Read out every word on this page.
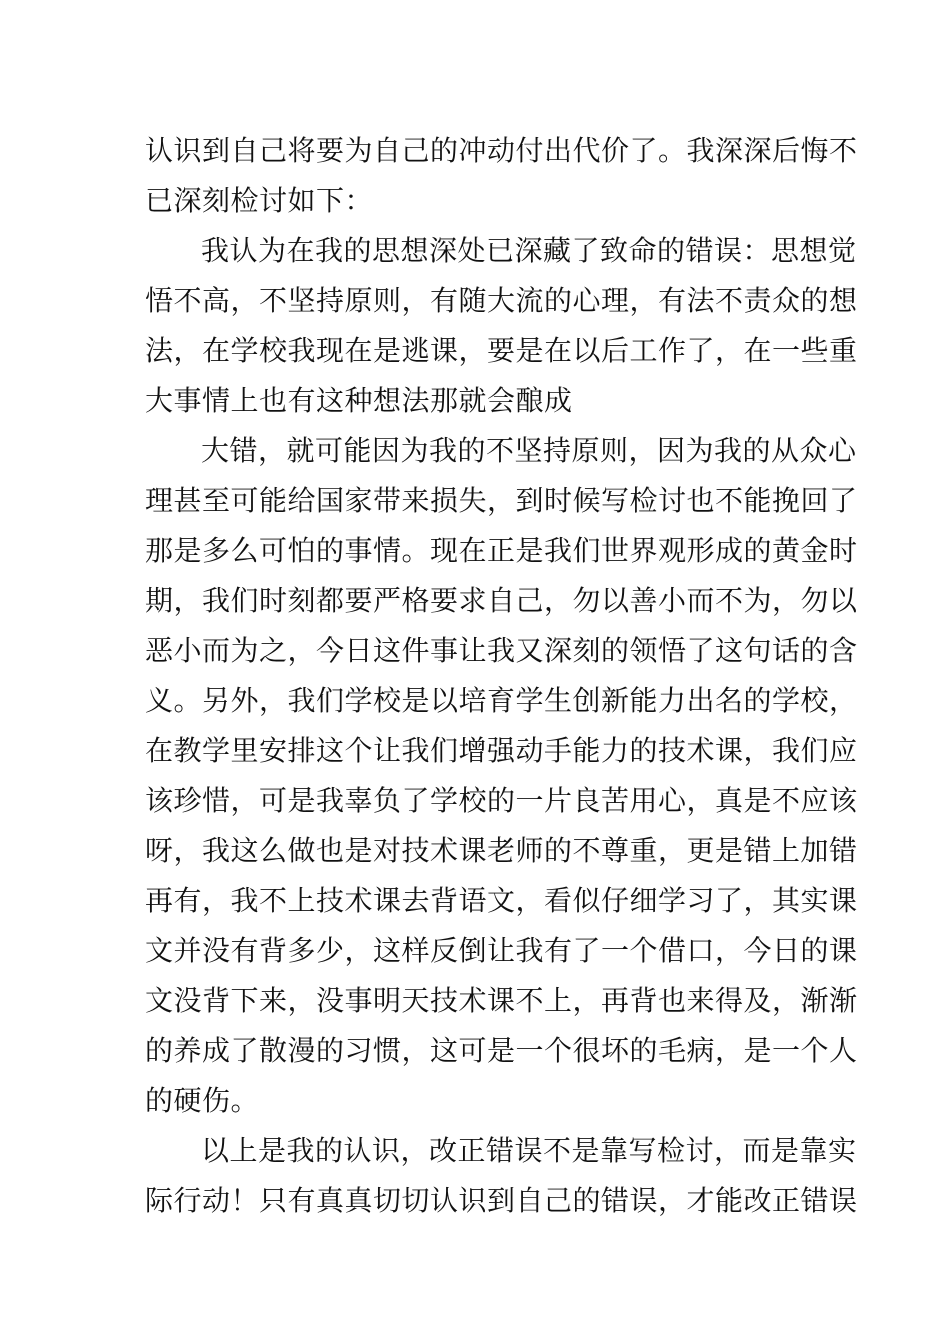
认识到自己将要为自己的冲动付出代价了。我深深后悔不
已深刻检讨如下：
我认为在我的思想深处已深藏了致命的错误：思想觉
悟不高，不坚持原则，有随大流的心理，有法不责众的想
法，在学校我现在是逃课，要是在以后工作了，在一些重
大事情上也有这种想法那就会酿成
大错，就可能因为我的不坚持原则，因为我的从众心
理甚至可能给国家带来损失，到时候写检讨也不能挽回了
那是多么可怕的事情。现在正是我们世界观形成的黄金时
期，我们时刻都要严格要求自己，勿以善小而不为，勿以
恶小而为之，今日这件事让我又深刻的领悟了这句话的含
义。另外，我们学校是以培育学生创新能力出名的学校，
在教学里安排这个让我们增强动手能力的技术课，我们应
该珍惜，可是我辜负了学校的一片良苦用心，真是不应该
呀，我这么做也是对技术课老师的不尊重，更是错上加错
再有，我不上技术课去背语文，看似仔细学习了，其实课
文并没有背多少，这样反倒让我有了一个借口，今日的课
文没背下来，没事明天技术课不上，再背也来得及，渐渐
的养成了散漫的习惯，这可是一个很坏的毛病，是一个人
的硬伤。
以上是我的认识，改正错误不是靠写检讨，而是靠实
际行动！只有真真切切认识到自己的错误，才能改正错误
